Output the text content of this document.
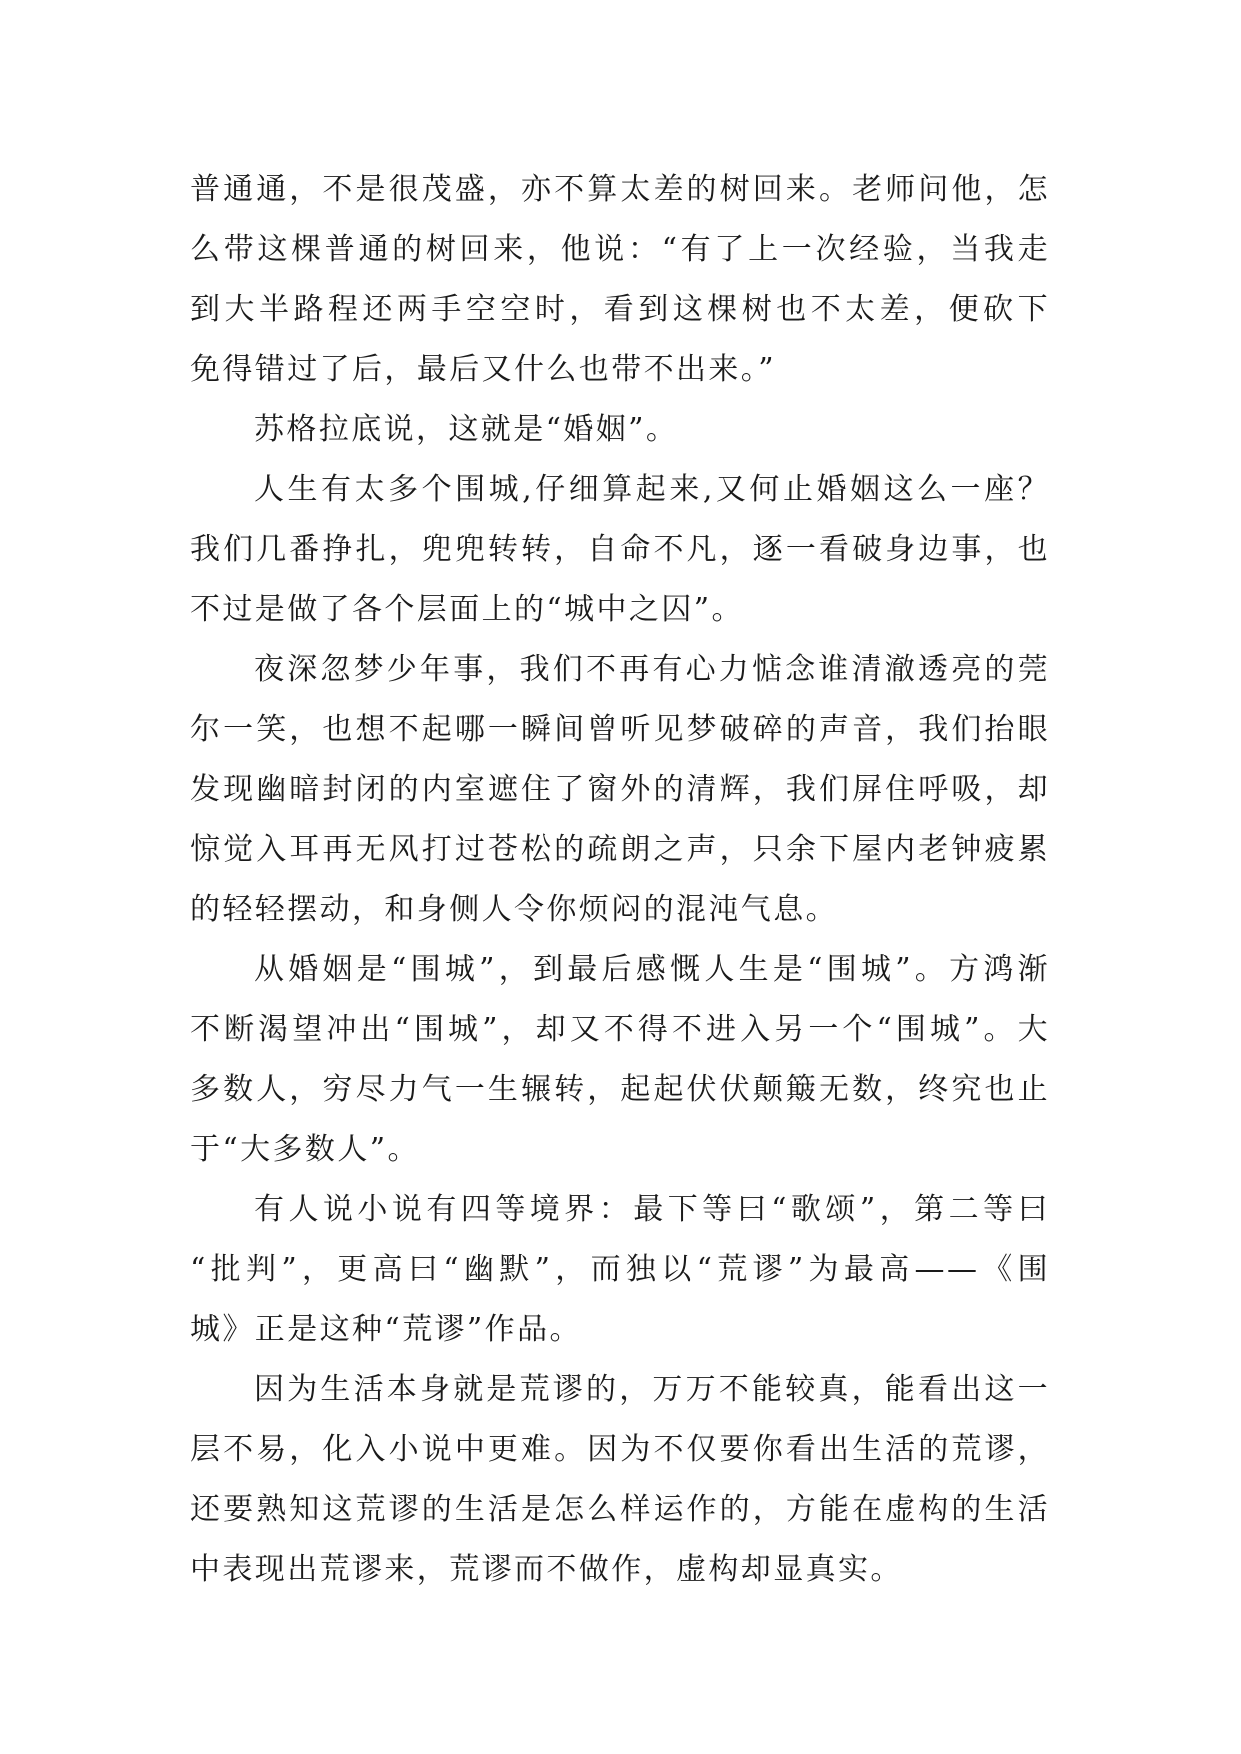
普通通，不是很茂盛，亦不算太差的树回来。老师问他，怎
么带这棵普通的树回来，他说：“有了上一次经验，当我走
到大半路程还两手空空时，看到这棵树也不太差，便砍下
免得错过了后，最后又什么也带不出来。”
苏格拉底说，这就是“婚姻”。
人生有太多个围城,仔细算起来,又何止婚姻这么一座？
我们几番挣扎，兜兜转转，自命不凡，逐一看破身边事，也
不过是做了各个层面上的“城中之囚”。
夜深忽梦少年事，我们不再有心力惦念谁清澈透亮的莞
尔一笑，也想不起哪一瞬间曾听见梦破碎的声音，我们抬眼
发现幽暗封闭的内室遮住了窗外的清辉，我们屏住呼吸，却
惊觉入耳再无风打过苍松的疏朗之声，只余下屋内老钟疲累
的轻轻摆动，和身侧人令你烦闷的混沌气息。
从婚姻是“围城”，到最后感慨人生是“围城”。方鸿渐
不断渴望冲出“围城”，却又不得不进入另一个“围城”。大
多数人，穷尽力气一生辗转，起起伏伏颠簸无数，终究也止
于“大多数人”。
有人说小说有四等境界：最下等曰“歌颂”，第二等曰
“批判”，更高曰“幽默”，而独以“荒谬”为最高——《围
城》正是这种“荒谬”作品。
因为生活本身就是荒谬的，万万不能较真，能看出这一
层不易，化入小说中更难。因为不仅要你看出生活的荒谬，
还要熟知这荒谬的生活是怎么样运作的，方能在虚构的生活
中表现出荒谬来，荒谬而不做作，虚构却显真实。
